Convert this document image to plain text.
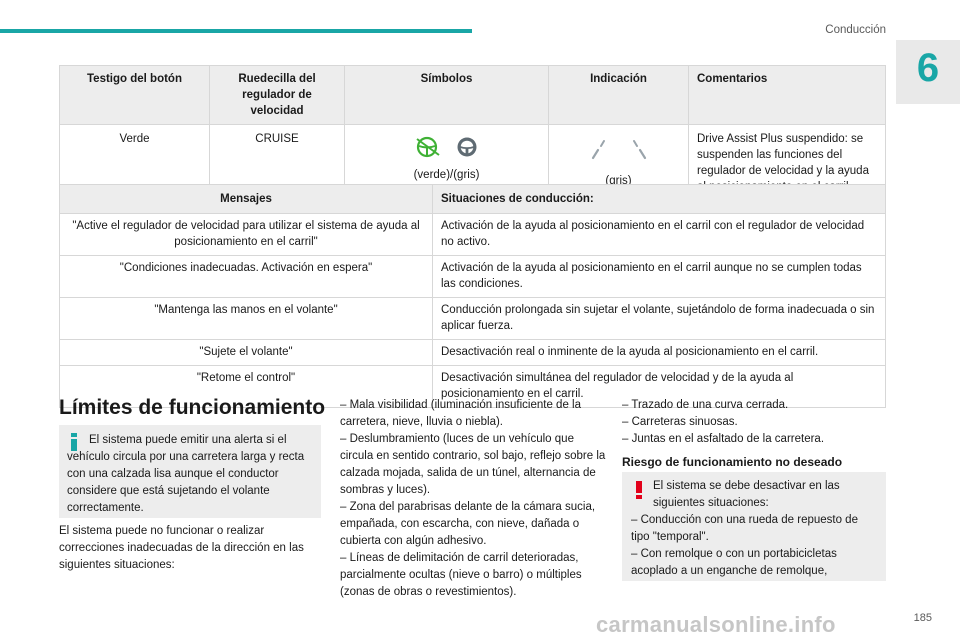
Conducción
6
Testigo del botón	Ruedecilla del regulador de velocidad	Símbolos	Indicación	Comentarios
Verde	CRUISE	(verde)/(gris)	(gris)	Drive Assist Plus suspendido: se suspenden las funciones del regulador de velocidad y la ayuda al posicionamiento en el carril.
Mensajes	Situaciones de conducción:
"Active el regulador de velocidad para utilizar el sistema de ayuda al posicionamiento en el carril"	Activación de la ayuda al posicionamiento en el carril con el regulador de velocidad no activo.
"Condiciones inadecuadas. Activación en espera"	Activación de la ayuda al posicionamiento en el carril aunque no se cumplen todas las condiciones.
"Mantenga las manos en el volante"	Conducción prolongada sin sujetar el volante, sujetándolo de forma inadecuada o sin aplicar fuerza.
"Sujete el volante"	Desactivación real o inminente de la ayuda al posicionamiento en el carril.
"Retome el control"	Desactivación simultánea del regulador de velocidad y de la ayuda al posicionamiento en el carril.
Límites de funcionamiento
El sistema puede emitir una alerta si el vehículo circula por una carretera larga y recta con una calzada lisa aunque el conductor considere que está sujetando el volante correctamente.
El sistema puede no funcionar o realizar correcciones inadecuadas de la dirección en las siguientes situaciones:
– Mala visibilidad (iluminación insuficiente de la carretera, nieve, lluvia o niebla).
– Deslumbramiento (luces de un vehículo que circula en sentido contrario, sol bajo, reflejo sobre la calzada mojada, salida de un túnel, alternancia de sombras y luces).
– Zona del parabrisas delante de la cámara sucia, empañada, con escarcha, con nieve, dañada o cubierta con algún adhesivo.
– Líneas de delimitación de carril deterioradas, parcialmente ocultas (nieve o barro) o múltiples (zonas de obras o revestimientos).
– Trazado de una curva cerrada.
– Carreteras sinuosas.
– Juntas en el asfaltado de la carretera.
Riesgo de funcionamiento no deseado
El sistema se debe desactivar en las siguientes situaciones:
– Conducción con una rueda de repuesto de tipo "temporal".
– Con remolque o con un portabicicletas acoplado a un enganche de remolque,
carmanualsonline.info	185
